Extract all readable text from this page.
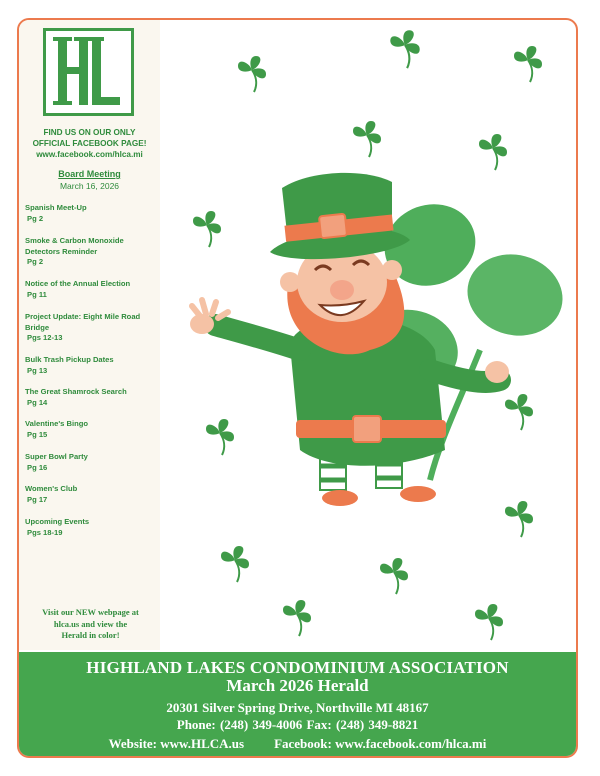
FIND US ON OUR ONLY
OFFICIAL FACEBOOK PAGE!
www.facebook.com/hlca.mi
Board Meeting
March 16, 2026
Spanish Meet-Up
Pg 2
Smoke & Carbon Monoxide Detectors Reminder
Pg 2
Notice of the Annual Election
Pg 11
Project Update: Eight Mile Road Bridge
Pgs 12-13
Bulk Trash Pickup Dates
Pg 13
The Great Shamrock Search
Pg 14
Valentine's Bingo
Pg 15
Super Bowl Party
Pg 16
Women's Club
Pg 17
Upcoming Events
Pgs 18-19
Visit our NEW webpage at
hlca.us and view the
Herald in color!
HIGHLAND LAKES CONDOMINIUM ASSOCIATION
March 2026 Herald
20301 Silver Spring Drive, Northville MI 48167
Phone: (248) 349-4006 Fax: (248) 349-8821
Website: www.HLCA.us Facebook: www.facebook.com/hlca.mi
